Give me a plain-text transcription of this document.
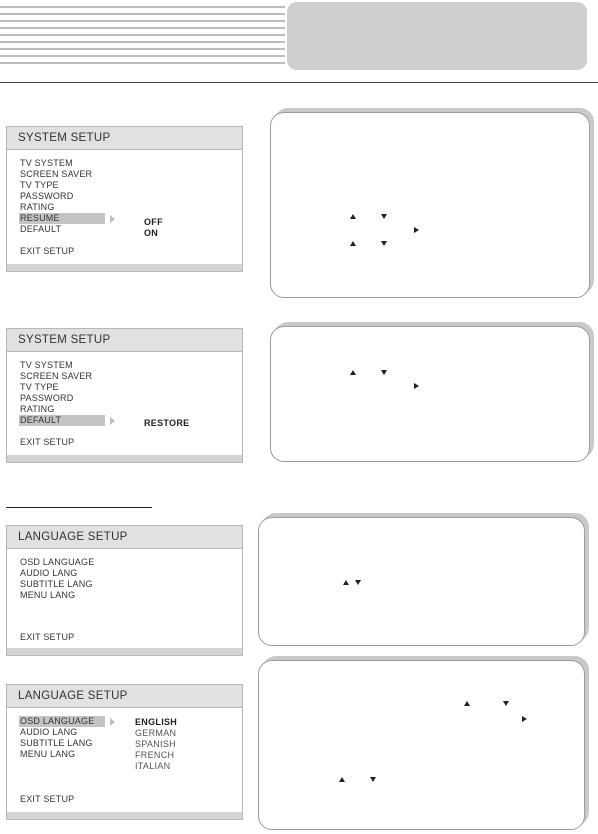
SYSTEM SETUP
TV SYSTEM
SCREEN SAVER
TV TYPE
PASSWORD
RATING
RESUME	OFF
ON
DEFAULT
EXIT SETUP
SYSTEM SETUP
TV SYSTEM
SCREEN SAVER
TV TYPE
PASSWORD
RATING
DEFAULT	RESTORE
EXIT SETUP
LANGUAGE SETUP
OSD LANGUAGE
AUDIO LANG
SUBTITLE LANG
MENU LANG
EXIT SETUP
LANGUAGE SETUP
OSD LANGUAGE
AUDIO LANG
SUBTITLE LANG
MENU LANG
ENGLISH
GERMAN
SPANISH
FRENCH
ITALIAN
EXIT SETUP
